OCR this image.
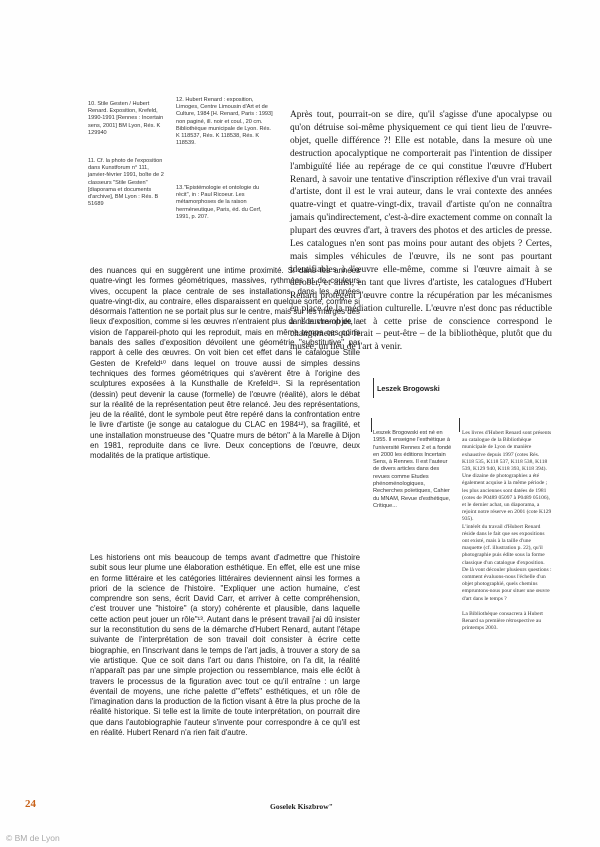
10. Stile Gesten / Hubert Renard. Exposition, Krefeld, 1990-1991 [Rennes : Incertain sens, 2001] BM Lyon, Rés. K 129940
11. Cf. la photo de l'exposition dans Kunstforum n° 111, janvier-février 1991, boîte de 2 classeurs "Stile Gesten" [diaporama et documents d'archive], BM Lyon : Rés. B 51689
12. Hubert Renard : exposition, Limoges, Centre Limousin d'Art et de Culture, 1984 [H. Renard, Paris : 1993] non paginé, ill. noir et coul., 20 cm. Bibliothèque municipale de Lyon. Rés. K 118537, Rés. K 118538, Rés. K 118539.
13."Epistémologie et ontologie du récit", in : Paul Ricoeur. Les métamorphoses de la raison herméneutique, Paris, éd. du Cerf, 1991, p. 207.
Après tout, pourrait-on se dire, qu'il s'agisse d'une apocalypse ou qu'on détruise soi-même physiquement ce qui tient lieu de l'œuvre-objet, quelle différence ?! Elle est notable, dans la mesure où une destruction apocalyptique ne comporterait pas l'intention de dissiper l'ambiguïté liée au repérage de ce qui constitue l'œuvre d'Hubert Renard, à savoir une tentative d'inscription réflexive d'un vrai travail d'artiste, dont il est le vrai auteur, dans le vrai contexte des années quatre-vingt et quatre-vingt-dix, travail d'artiste qu'on ne connaîtra jamais qu'indirectement, c'est-à-dire exactement comme on connaît la plupart des œuvres d'art, à travers des photos et des articles de presse. Les catalogues n'en sont pas moins pour autant des objets ? Certes, mais simples véhicules de l'œuvre, ils ne sont pas pourtant identifiables à l'œuvre elle-même, comme si l'œuvre aimait à se dérober, et ainsi, en tant que livres d'artiste, les catalogues d'Hubert Renard protègent l'œuvre contre la récupération par les mécanismes en place de la médiation culturelle. L'œuvre n'est donc pas réductible à l'œuvre-objet, et à cette prise de conscience correspond le changement qui ferait – peut-être – de la bibliothèque, plutôt que du musée, un lieu de l'art à venir.
Leszek Brogowski
des nuances qui en suggèrent une intime proximité. Si dans les années quatre-vingt les formes géométriques, massives, rythmées et de couleurs vives, occupent la place centrale de ses installations, dans les années quatre-vingt-dix, au contraire, elles disparaissent en quelque sorte, comme si désormais l'attention ne se portait plus sur le centre, mais sur les marges des lieux d'exposition, comme si les œuvres n'entraient plus dans le champ de la vision de l'appareil-photo qui les reproduit, mais en même temps ces coins banals des salles d'exposition dévoilent une géométrie "substitutive" par rapport à celle des œuvres. On voit bien cet effet dans le catalogue Stille Gesten de Krefeld¹⁰ dans lequel on trouve aussi de simples dessins techniques des formes géométriques qui s'avèrent être à l'origine des sculptures exposées à la Kunsthalle de Krefeld¹¹. Si la représentation (dessin) peut devenir la cause (formelle) de l'œuvre (réalité), alors le débat sur la réalité de la représentation peut être relancé. Jeu des représentations, jeu de la réalité, dont le symbole peut être repéré dans la confrontation entre le livre d'artiste (je songe au catalogue du CLAC en 1984¹²), sa fragilité, et une installation monstrueuse des "Quatre murs de béton" à la Marelle à Dijon en 1981, reproduite dans ce livre. Deux conceptions de l'œuvre, deux modalités de la pratique artistique.
Les historiens ont mis beaucoup de temps avant d'admettre que l'histoire subit sous leur plume une élaboration esthétique. En effet, elle est une mise en forme littéraire et les catégories littéraires deviennent ainsi les formes a priori de la science de l'histoire. "Expliquer une action humaine, c'est comprendre son sens, écrit David Carr, et arriver à cette compréhension, c'est trouver une "histoire" (a story) cohérente et plausible, dans laquelle cette action peut jouer un rôle"¹³. Autant dans le présent travail j'ai dû insister sur la reconstitution du sens de la démarche d'Hubert Renard, autant l'étape suivante de l'interprétation de son travail doit consister à écrire cette biographie, en l'inscrivant dans le temps de l'art jadis, à trouver a story de sa vie artistique. Que ce soit dans l'art ou dans l'histoire, on l'a dit, la réalité n'apparaît pas par une simple projection ou ressemblance, mais elle éclôt à travers le processus de la figuration avec tout ce qu'il entraîne : un large éventail de moyens, une riche palette d'"effets" esthétiques, et un rôle de l'imagination dans la production de la fiction visant à être la plus proche de la réalité historique. Si telle est la limite de toute interprétation, on pourrait dire que dans l'autobiographie l'auteur s'invente pour correspondre à ce qu'il est en réalité. Hubert Renard n'a rien fait d'autre.
Goselek Kiszbrow"
Leszek Brogowski est né en 1955. Il enseigne l'esthétique à l'université Rennes 2 et a fondé en 2000 les éditions Incertain Sens, à Rennes. Il est l'auteur de divers articles dans des revues comme Etudes phénoménologiques, Recherches poïetiques, Cahier du MNAM, Revue d'esthétique, Critique...
Les livres d'Hubert Renard sont présents au catalogue de la Bibliothèque municipale de Lyon de manière exhaustive depuis 1997 (cotes Rés. K118 535, K118 537, K118 538, K118 539, K129 940, K118 393, K118 394). Une dizaine de photographies a été également acquise à la même période ; les plus anciennes sont datées de 1981 (cotes de P0489 05097 à P0489 05106), et le dernier achat, un diaporama, a rejoint notre réserve en 2001 (cote K129 935).
L'intérêt du travail d'Hubert Renard réside dans le fait que ses expositions ont existé, mais à la taille d'une maquette (cf. illustration p. 22), qu'il photographie puis édite sous la forme classique d'un catalogue d'exposition.
De là vont découler plusieurs questions : comment évaluons-nous l'échelle d'un objet photographié, quels chemins empruntons-nous pour situer une œuvre d'art dans le temps ?
La Bibliothèque consacrera à Hubert Renard sa première rétrospective au printemps 2003.
24
© BM de Lyon
